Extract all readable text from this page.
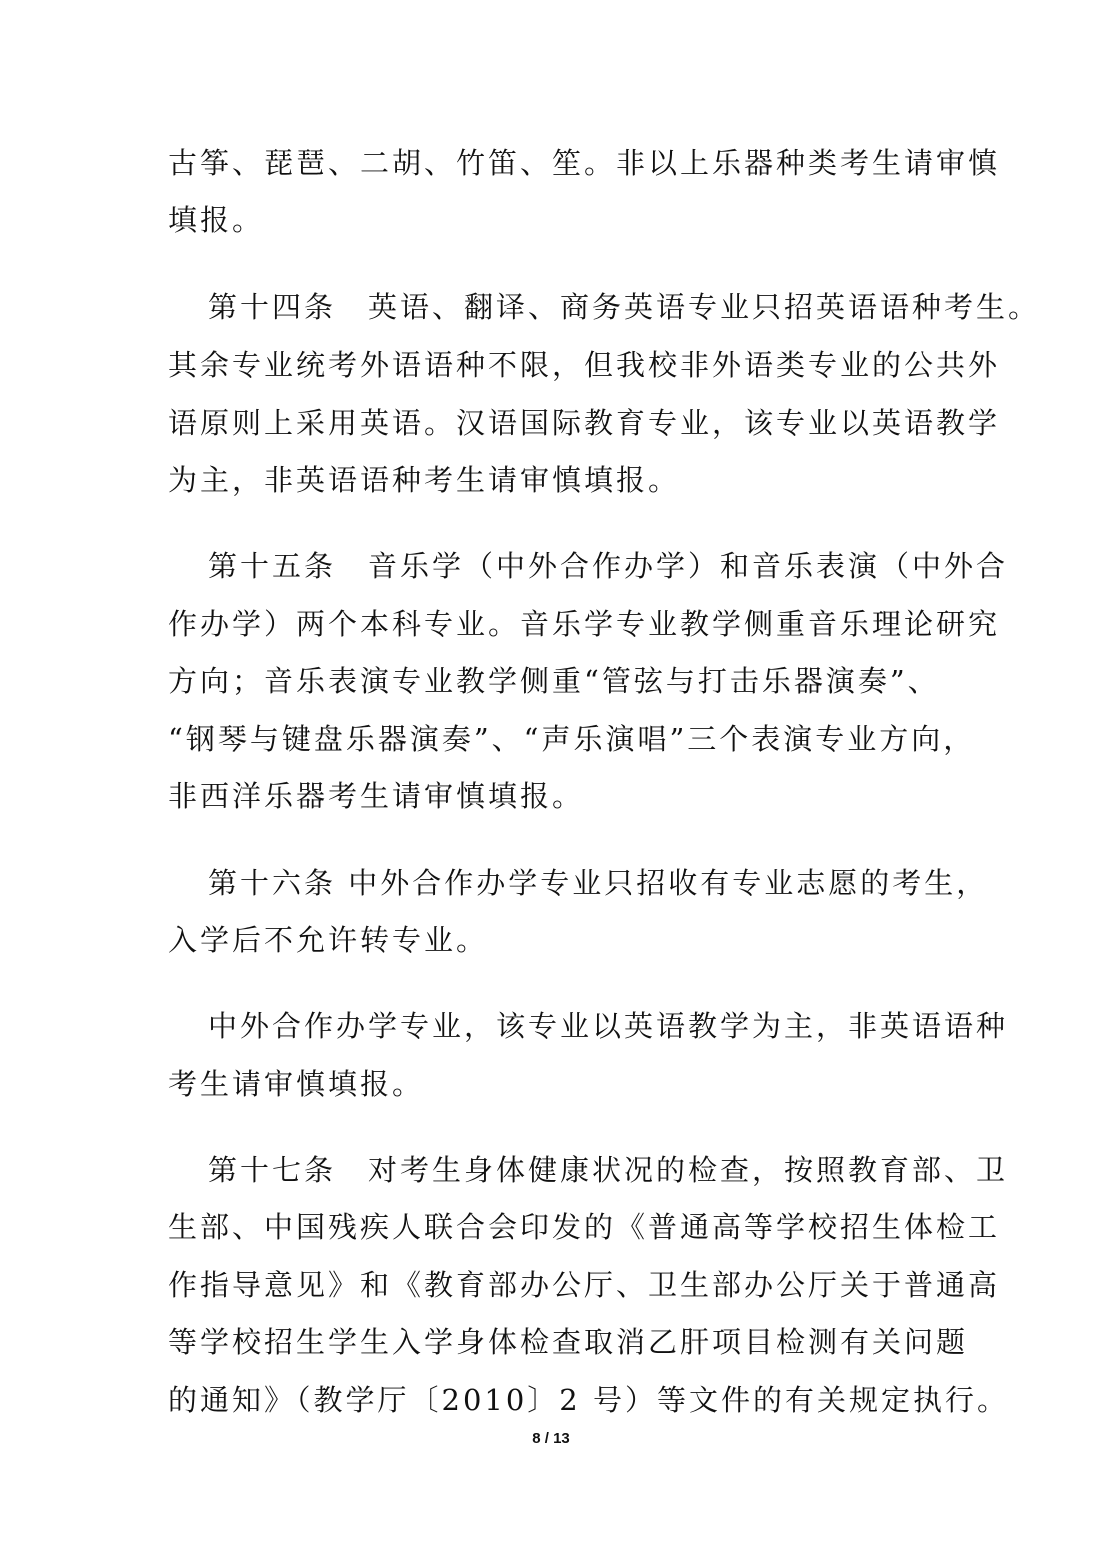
古筝、琵琶、二胡、竹笛、笙。非以上乐器种类考生请审慎
填报。
第十四条　英语、翻译、商务英语专业只招英语语种考生。
其余专业统考外语语种不限，但我校非外语类专业的公共外
语原则上采用英语。汉语国际教育专业，该专业以英语教学
为主，非英语语种考生请审慎填报。
第十五条　音乐学（中外合作办学）和音乐表演（中外合
作办学）两个本科专业。音乐学专业教学侧重音乐理论研究
方向；音乐表演专业教学侧重“管弦与打击乐器演奏”、
“钢琴与键盘乐器演奏”、“声乐演唱”三个表演专业方向，
非西洋乐器考生请审慎填报。
第十六条 中外合作办学专业只招收有专业志愿的考生，
入学后不允许转专业。
中外合作办学专业，该专业以英语教学为主，非英语语种
考生请审慎填报。
第十七条　对考生身体健康状况的检查，按照教育部、卫
生部、中国残疾人联合会印发的《普通高等学校招生体检工
作指导意见》和《教育部办公厅、卫生部办公厅关于普通高
等学校招生学生入学身体检查取消乙肝项目检测有关问题
的通知》（教学厅〔2010〕2 号）等文件的有关规定执行。
8 / 13
